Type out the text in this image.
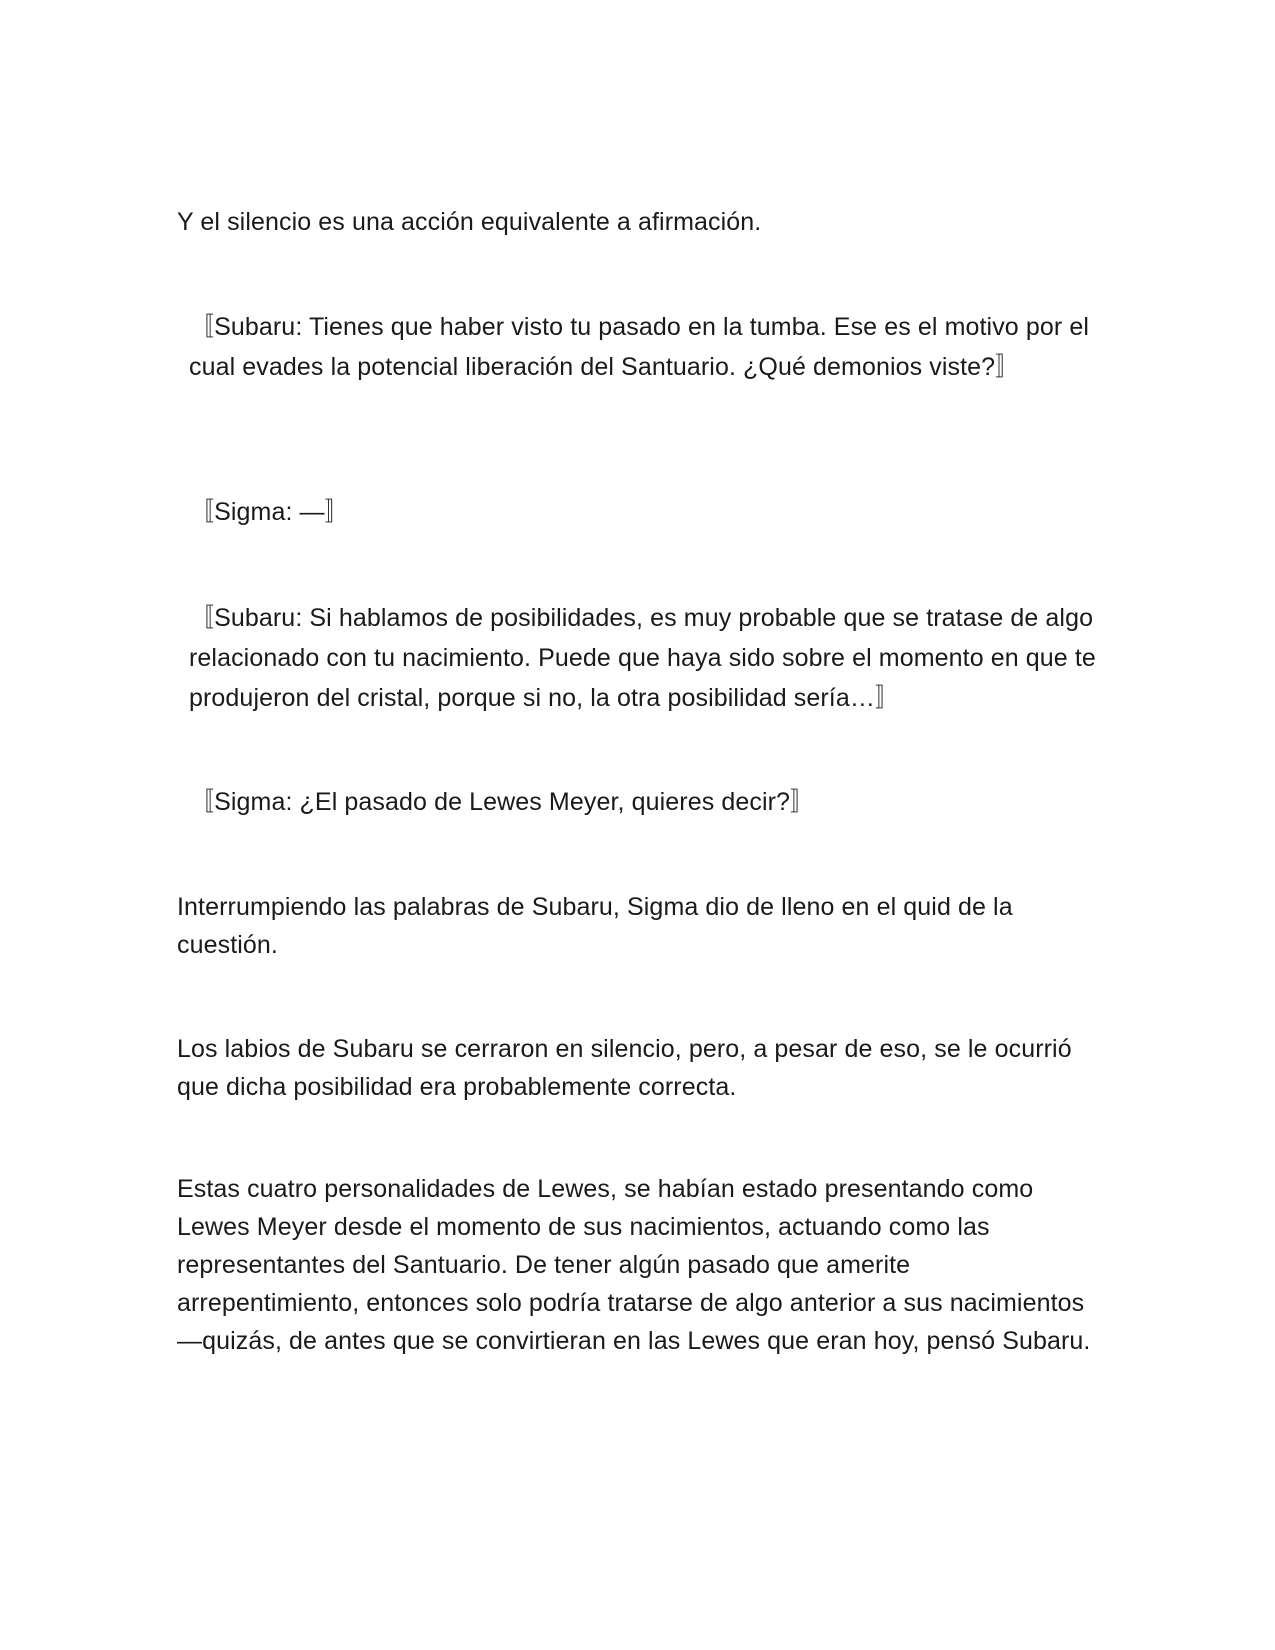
Y el silencio es una acción equivalente a afirmación.

〚Subaru: Tienes que haber visto tu pasado en la tumba. Ese es el motivo por el cual evades la potencial liberación del Santuario. ¿Qué demonios viste?〛

〚Sigma: —〛

〚Subaru: Si hablamos de posibilidades, es muy probable que se tratase de algo relacionado con tu nacimiento. Puede que haya sido sobre el momento en que te produjeron del cristal, porque si no, la otra posibilidad sería…〛

〚Sigma: ¿El pasado de Lewes Meyer, quieres decir?〛

Interrumpiendo las palabras de Subaru, Sigma dio de lleno en el quid de la cuestión.

Los labios de Subaru se cerraron en silencio, pero, a pesar de eso, se le ocurrió que dicha posibilidad era probablemente correcta.

Estas cuatro personalidades de Lewes, se habían estado presentando como Lewes Meyer desde el momento de sus nacimientos, actuando como las representantes del Santuario. De tener algún pasado que amerite arrepentimiento, entonces solo podría tratarse de algo anterior a sus nacimientos —quizás, de antes que se convirtieran en las Lewes que eran hoy, pensó Subaru.
